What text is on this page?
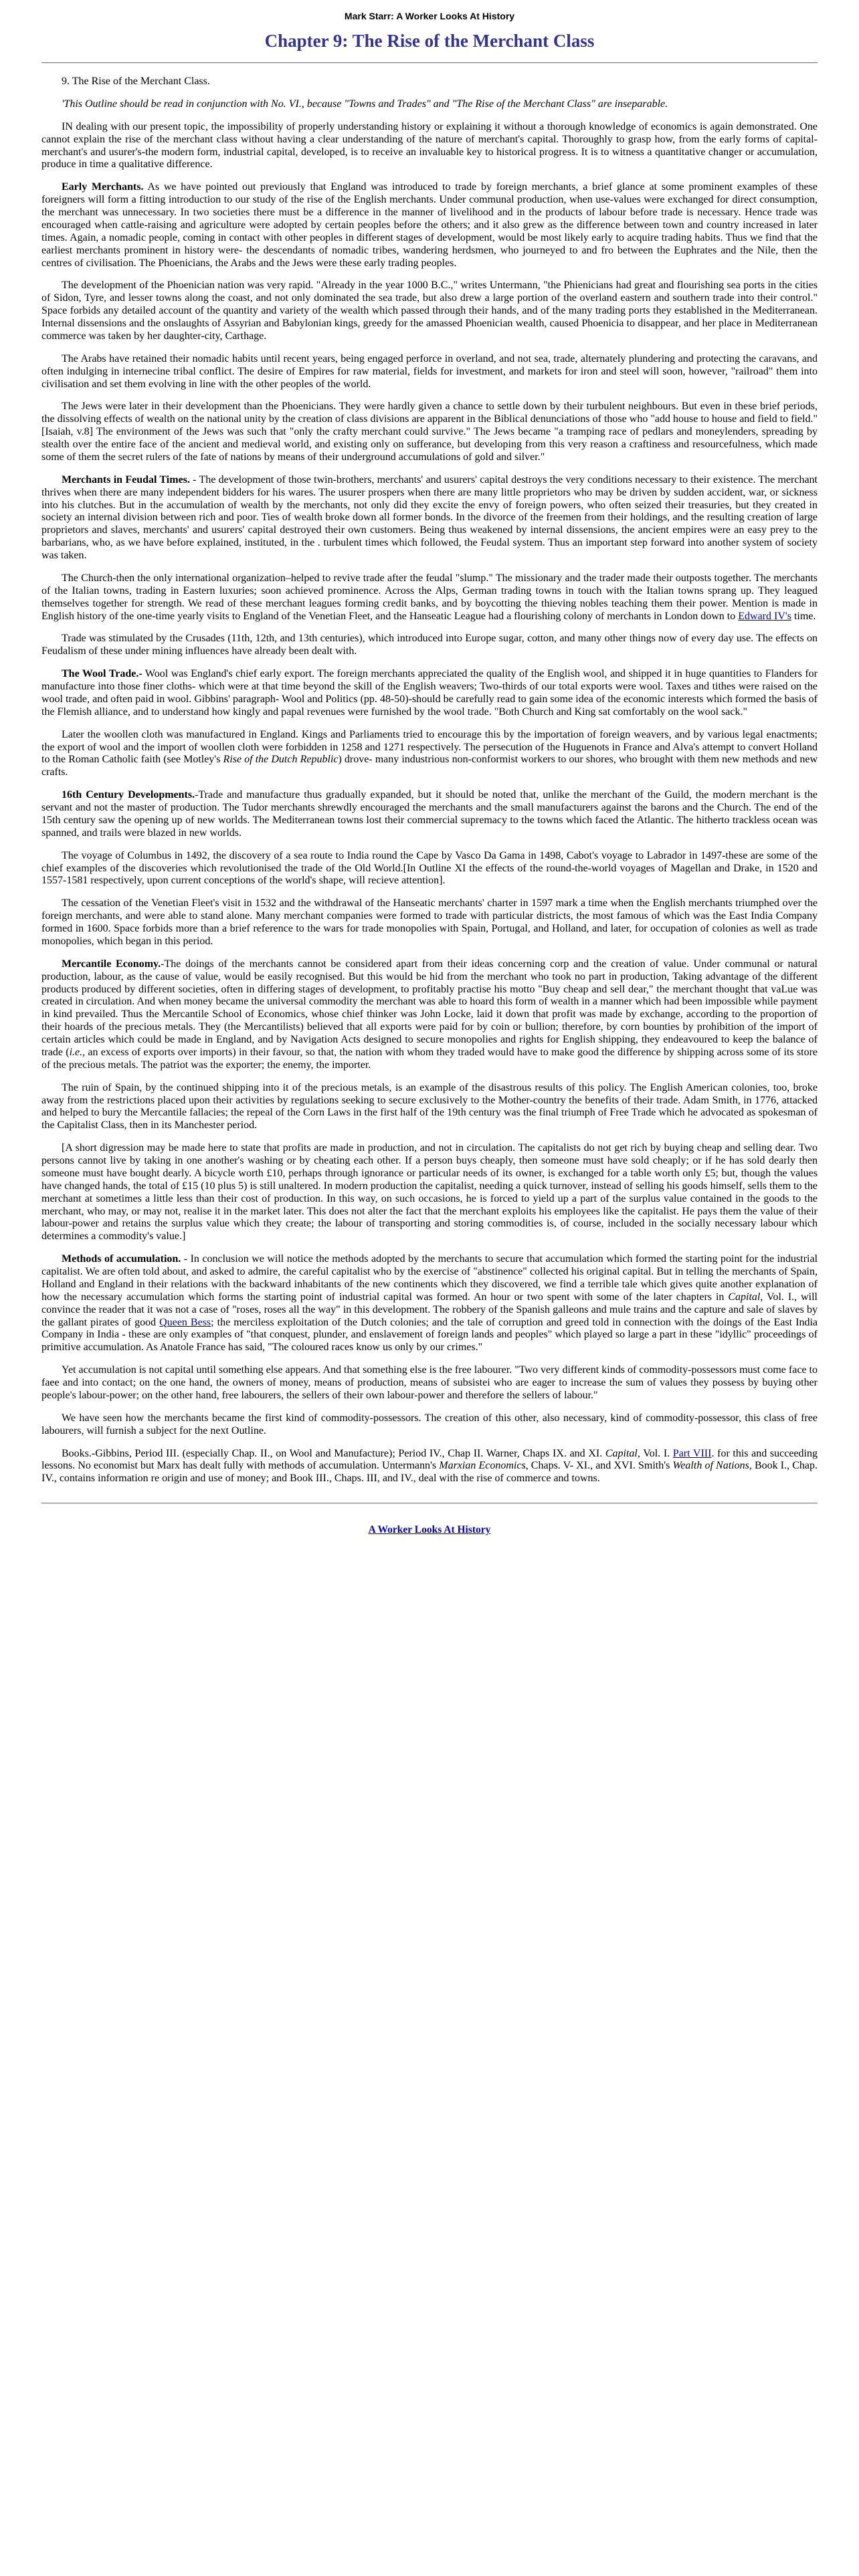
Mark Starr: A Worker Looks At History
Chapter 9: The Rise of the Merchant Class

9. The Rise of the Merchant Class.

'This Outline should be read in conjunction with No. VI., because "Towns and Trades" and "The Rise of the Merchant Class" are inseparable.

IN dealing with our present topic, the impossibility of properly understanding history or explaining it without a thorough knowledge of economics is again demonstrated. One cannot explain the rise of the merchant class without having a clear understanding of the nature of merchant's capital. Thoroughly to grasp how, from the early forms of capital-merchant's and usurer's-the modern form, industrial capital, developed, is to receive an invaluable key to historical progress. It is to witness a quantitative changer or accumulation, produce in time a qualitative difference.

Early Merchants. As we have pointed out previously that England was introduced to trade by foreign merchants, a brief glance at some prominent examples of these foreigners will form a fitting introduction to our study of the rise of the English merchants. Under communal production, when use-values were exchanged for direct consumption, the merchant was unnecessary. In two societies there must be a difference in the manner of livelihood and in the products of labour before trade is necessary. Hence trade was encouraged when cattle-raising and agriculture were adopted by certain peoples before the others; and it also grew as the difference between town and country increased in later times. Again, a nomadic people, coming in contact with other peoples in different stages of development, would be most likely early to acquire trading habits. Thus we find that the earliest merchants prominent in history were- the descendants of nomadic tribes, wandering herdsmen, who journeyed to and fro between the Euphrates and the Nile, then the centres of civilisation. The Phoenicians, the Arabs and the Jews were these early trading peoples.

The development of the Phoenician nation was very rapid. "Already in the year 1000 B.C.," writes Untermann, "the Phienicians had great and flourishing sea ports in the cities of Sidon, Tyre, and lesser towns along the coast, and not only dominated the sea trade, but also drew a large portion of the overland eastern and southern trade into their control." Space forbids any detailed account of the quantity and variety of the wealth which passed through their hands, and of the many trading ports they established in the Mediterranean. Internal dissensions and the onslaughts of Assyrian and Babylonian kings, greedy for the amassed Phoenician wealth, caused Phoenicia to disappear, and her place in Mediterranean commerce was taken by her daughter-city, Carthage.

The Arabs have retained their nomadic habits until recent years, being engaged perforce in overland, and not sea, trade, alternately plundering and protecting the caravans, and often indulging in internecine tribal conflict. The desire of Empires for raw material, fields for investment, and markets for iron and steel will soon, however, "railroad" them into civilisation and set them evolving in line with the other peoples of the world.

The Jews were later in their development than the Phoenicians. They were hardly given a chance to settle down by their turbulent neighbours. But even in these brief periods, the dissolving effects of wealth on the national unity by the creation of class divisions are apparent in the Biblical denunciations of those who "add house to house and field to field."[Isaiah, v.8] The environment of the Jews was such that "only the crafty merchant could survive." The Jews became "a tramping race of pedlars and moneylenders, spreading by stealth over the entire face of the ancient and medieval world, and existing only on sufferance, but developing from this very reason a craftiness and resourcefulness, which made some of them the secret rulers of the fate of nations by means of their underground accumulations of gold and silver."

Merchants in Feudal Times. - The development of those twin-brothers, merchants' and usurers' capital destroys the very conditions necessary to their existence. The merchant thrives when there are many independent bidders for his wares. The usurer prospers when there are many little proprietors who may be driven by sudden accident, war, or sickness into his clutches. But in the accumulation of wealth by the merchants, not only did they excite the envy of foreign powers, who often seized their treasuries, but they created in society an internal division between rich and poor. Ties of wealth broke down all former bonds. In the divorce of the freemen from their holdings, and the resulting creation of large proprietors and slaves, merchants' and usurers' capital destroyed their own customers. Being thus weakened by internal dissensions, the ancient empires were an easy prey to the barbarians, who, as we have before explained, instituted, in the . turbulent times which followed, the Feudal system. Thus an important step forward into another system of society was taken.

The Church-then the only international organization–helped to revive trade after the feudal "slump." The missionary and the trader made their outposts together. The merchants of the Italian towns, trading in Eastern luxuries; soon achieved prominence. Across the Alps, German trading towns in touch with the Italian towns sprang up. They leagued themselves together for strength. We read of these merchant leagues forming credit banks, and by boycotting the thieving nobles teaching them their power. Mention is made in English history of the one-time yearly visits to England of the Venetian Fleet, and the Hanseatic League had a flourishing colony of merchants in London down to Edward IV's time.

Trade was stimulated by the Crusades (11th, 12th, and 13th centuries), which introduced into Europe sugar, cotton, and many other things now of every day use. The effects on Feudalism of these under mining influences have already been dealt with.

The Wool Trade.- Wool was England's chief early export. The foreign merchants appreciated the quality of the English wool, and shipped it in huge quantities to Flanders for manufacture into those finer cloths- which were at that time beyond the skill of the English weavers; Two-thirds of our total exports were wool. Taxes and tithes were raised on the wool trade, and often paid in wool. Gibbins' paragraph- Wool and Politics (pp. 48-50)-should be carefully read to gain some idea of the economic interests which formed the basis of the Flemish alliance, and to understand how kingly and papal revenues were furnished by the wool trade. "Both Church and King sat comfortably on the wool sack."

Later the woollen cloth was manufactured in England. Kings and Parliaments tried to encourage this by the importation of foreign weavers, and by various legal enactments; the export of wool and the import of woollen cloth were forbidden in 1258 and 1271 respectively. The persecution of the Huguenots in France and Alva's attempt to convert Holland to the Roman Catholic faith (see Motley's Rise of the Dutch Republic) drove- many industrious non-conformist workers to our shores, who brought with them new methods and new crafts.

16th Century Developments.-Trade and manufacture thus gradually expanded, but it should be noted that, unlike the merchant of the Guild, the modern merchant is the servant and not the master of production. The Tudor merchants shrewdly encouraged the merchants and the small manufacturers against the barons and the Church. The end of the 15th century saw the opening up of new worlds. The Mediterranean towns lost their commercial supremacy to the towns which faced the Atlantic. The hitherto trackless ocean was spanned, and trails were blazed in new worlds.

The voyage of Columbus in 1492, the discovery of a sea route to India round the Cape by Vasco Da Gama in 1498, Cabot's voyage to Labrador in 1497-these are some of the chief examples of the discoveries which revolutionised the trade of the Old World.[In Outline XI the effects of the round-the-world voyages of Magellan and Drake, in 1520 and 1557-1581 respectively, upon current conceptions of the world's shape, will recieve attention].

The cessation of the Venetian Fleet's visit in 1532 and the withdrawal of the Hanseatic merchants' charter in 1597 mark a time when the English merchants triumphed over the foreign merchants, and were able to stand alone. Many merchant companies were formed to trade with particular districts, the most famous of which was the East India Company formed in 1600. Space forbids more than a brief reference to the wars for trade monopolies with Spain, Portugal, and Holland, and later, for occupation of colonies as well as trade monopolies, which began in this period.

Mercantile Economy.-The doings of the merchants cannot be considered apart from their ideas concerning corp and the creation of value. Under communal or natural production, labour, as the cause of value, would be easily recognised. But this would be hid from the merchant who took no part in production, Taking advantage of the different products produced by different societies, often in differing stages of development, to profitably practise his motto "Buy cheap and sell dear," the merchant thought that vaLue was created in circulation. And when money became the universal commodity the merchant was able to hoard this form of wealth in a manner which had been impossible while payment in kind prevailed. Thus the Mercantile School of Economics, whose chief thinker was John Locke, laid it down that profit was made by exchange, according to the proportion of their hoards of the precious metals. They (the Mercantilists) believed that all exports were paid for by coin or bullion; therefore, by corn bounties by prohibition of the import of certain articles which could be made in England, and by Navigation Acts designed to secure monopolies and rights for English shipping, they endeavoured to keep the balance of trade (i.e., an excess of exports over imports) in their favour, so that, the nation with whom they traded would have to make good the difference by shipping across some of its store of the precious metals. The patriot was the exporter; the enemy, the importer.

The ruin of Spain, by the continued shipping into it of the precious metals, is an example of the disastrous results of this policy. The English American colonies, too, broke away from the restrictions placed upon their activities by regulations seeking to secure exclusively to the Mother-country the benefits of their trade. Adam Smith, in 1776, attacked and helped to bury the Mercantile fallacies; the repeal of the Corn Laws in the first half of the 19th century was the final triumph of Free Trade which he advocated as spokesman of the Capitalist Class, then in its Manchester period.

[A short digression may be made here to state that profits are made in production, and not in circulation. The capitalists do not get rich by buying cheap and selling dear. Two persons cannot live by taking in one another's washing or by cheating each other. If a person buys cheaply, then someone must have sold cheaply; or if he has sold dearly then someone must have bought dearly. A bicycle worth £10, perhaps through ignorance or particular needs of its owner, is exchanged for a table worth only £5; but, though the values have changed hands, the total of £15 (10 plus 5) is still unaltered. In modern production the capitalist, needing a quick turnover, instead of selling his goods himself, sells them to the merchant at sometimes a little less than their cost of production. In this way, on such occasions, he is forced to yield up a part of the surplus value contained in the goods to the merchant, who may, or may not, realise it in the market later. This does not alter the fact that the merchant exploits his employees like the capitalist. He pays them the value of their labour-power and retains the surplus value which they create; the labour of transporting and storing commodities is, of course, included in the socially necessary labour which determines a commodity's value.]

Methods of accumulation. - In conclusion we will notice the methods adopted by the merchants to secure that accumulation which formed the starting point for the industrial capitalist. We are often told about, and asked to admire, the careful capitalist who by the exercise of "abstinence" collected his original capital. But in telling the merchants of Spain, Holland and England in their relations with the backward inhabitants of the new continents which they discovered, we find a terrible tale which gives quite another explanation of how the necessary accumulation which forms the starting point of industrial capital was formed. An hour or two spent with some of the later chapters in Capital, Vol. I., will convince the reader that it was not a case of "roses, roses all the way" in this development. The robbery of the Spanish galleons and mule trains and the capture and sale of slaves by the gallant pirates of good Queen Bess; the merciless exploitation of the Dutch colonies; and the tale of corruption and greed told in connection with the doings of the East India Company in India - these are only examples of "that conquest, plunder, and enslavement of foreign lands and peoples" which played so large a part in these "idyllic" proceedings of primitive accumulation. As Anatole France has said, "The coloured races know us only by our crimes."

Yet accumulation is not capital until something else appears. And that something else is the free labourer. "Two very different kinds of commodity-possessors must come face to faee and into contact; on the one hand, the owners of money, means of production, means of subsistei who are eager to increase the sum of values they possess by buying other people's labour-power; on the other hand, free labourers, the sellers of their own labour-power and therefore the sellers of labour."

We have seen how the merchants became the first kind of commodity-possessors. The creation of this other, also necessary, kind of commodity-possessor, this class of free labourers, will furnish a subject for the next Outline.

Books.-Gibbins, Period III. (especially Chap. II., on Wool and Manufacture); Period IV., Chap II. Warner, Chaps IX. and XI. Capital, Vol. I. Part VIII. for this and succeeding lessons. No economist but Marx has dealt fully with methods of accumulation. Untermann's Marxian Economics, Chaps. V- XI., and XVI. Smith's Wealth of Nations, Book I., Chap. IV., contains information re origin and use of money; and Book III., Chaps. III, and IV., deal with the rise of commerce and towns.

A Worker Looks At History
